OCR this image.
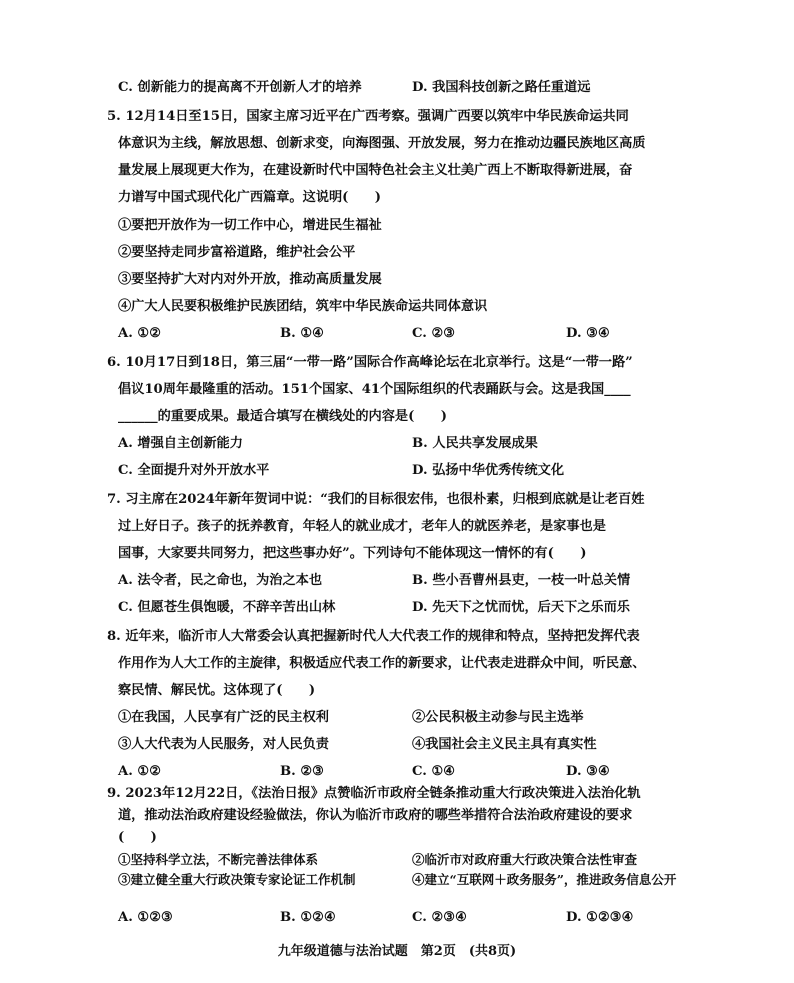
C. 创新能力的提高离不开创新人才的培养	D. 我国科技创新之路任重道远
5. 12月14日至15日，国家主席习近平在广西考察。强调广西要以筑牢中华民族命运共同
体意识为主线，解放思想、创新求变，向海图强、开放发展，努力在推动边疆民族地区高质
量发展上展现更大作为，在建设新时代中国特色社会主义壮美广西上不断取得新进展，奋
力谱写中国式现代化广西篇章。这说明(　　)
①要把开放作为一切工作中心，增进民生福祉
②要坚持走同步富裕道路，维护社会公平
③要坚持扩大对内对外开放，推动高质量发展
④广大人民要积极维护民族团结，筑牢中华民族命运共同体意识
A. ①②	B. ①④	C. ②③	D. ③④
6. 10月17日到18日，第三届“一带一路”国际合作高峰论坛在北京举行。这是“一带一路”
倡议10周年最隆重的活动。151个国家、41个国际组织的代表踊跃与会。这是我国____
______的重要成果。最适合填写在横线处的内容是(　　)
A. 增强自主创新能力	B. 人民共享发展成果
C. 全面提升对外开放水平	D. 弘扬中华优秀传统文化
7. 习主席在2024年新年贺词中说：“我们的目标很宏伟，也很朴素，归根到底就是让老百姓
过上好日子。孩子的抚养教育，年轻人的就业成才，老年人的就医养老，是家事也是
国事，大家要共同努力，把这些事办好”。下列诗句不能体现这一情怀的有(　　)
A. 法令者，民之命也，为治之本也	B. 些小吾曹州县吏，一枝一叶总关情
C. 但愿苍生俱饱暖，不辞辛苦出山林	D. 先天下之忧而忧，后天下之乐而乐
8. 近年来，临沂市人大常委会认真把握新时代人大代表工作的规律和特点，坚持把发挥代表
作用作为人大工作的主旋律，积极适应代表工作的新要求，让代表走进群众中间，听民意、
察民情、解民忧。这体现了(　　)
①在我国，人民享有广泛的民主权利	②公民积极主动参与民主选举
③人大代表为人民服务，对人民负责	④我国社会主义民主具有真实性
A. ①②	B. ②③	C. ①④	D. ③④
9. 2023年12月22日，《法治日报》点赞临沂市政府全链条推动重大行政决策进入法治化轨
道，推动法治政府建设经验做法，你认为临沂市政府的哪些举措符合法治政府建设的要求
(　　)
①坚持科学立法，不断完善法律体系	②临沂市对政府重大行政决策合法性审查
③建立健全重大行政决策专家论证工作机制	④建立“互联网＋政务服务”，推进政务信息公开
A. ①②③	B. ①②④	C. ②③④	D. ①②③④
九年级道德与法治试题　第2页　(共8页)
